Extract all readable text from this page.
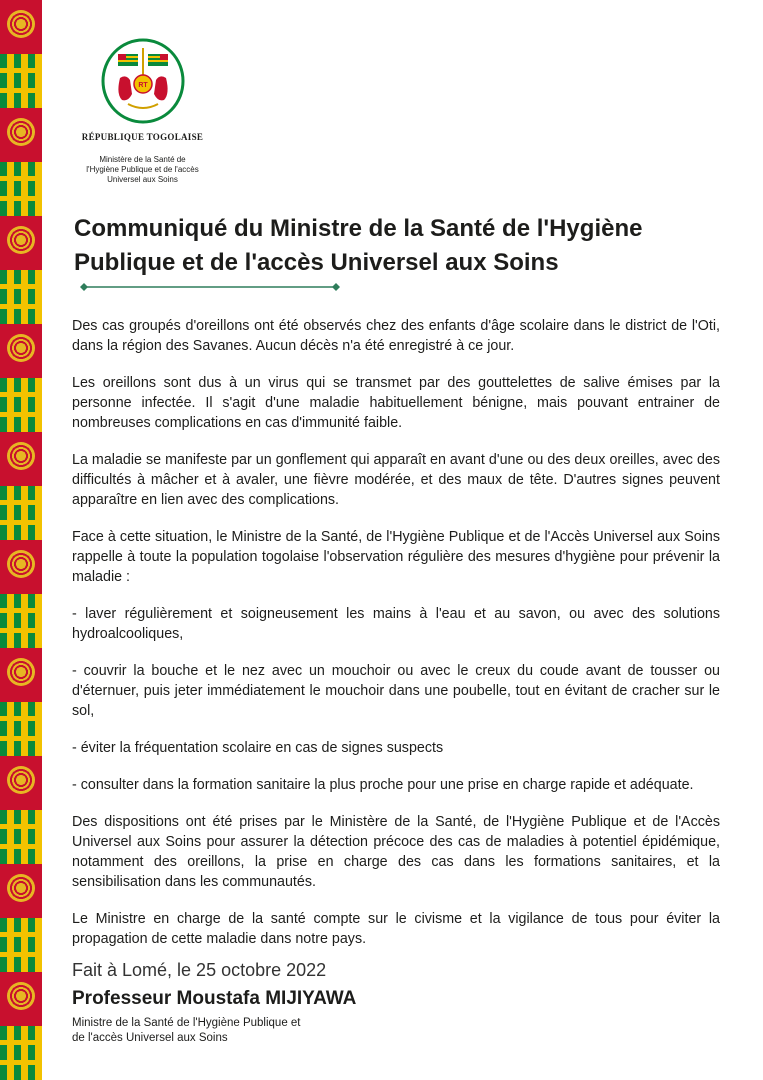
RT
RÉPUBLIQUE TOGOLAISE
Ministère de la Santé de
l'Hygiène Publique et de l'accès
Universel aux Soins
Communiqué du Ministre de la Santé de l'Hygiène
Publique et de l'accès Universel aux Soins

Des cas groupés d'oreillons ont été observés chez des enfants d'âge scolaire dans le district de l'Oti, dans la région des Savanes. Aucun décès n'a été enregistré à ce jour.

Les oreillons sont dus à un virus qui se transmet par des gouttelettes de salive émises par la personne infectée. Il s'agit d'une maladie habituellement bénigne, mais pouvant entrainer de nombreuses complications en cas d'immunité faible.

La maladie se manifeste par un gonflement qui apparaît en avant d'une ou des deux oreilles, avec des difficultés à mâcher et à avaler, une fièvre modérée, et des maux de tête. D'autres signes peuvent apparaître en lien avec des complications.

Face à cette situation, le Ministre de la Santé, de l'Hygiène Publique et de l'Accès Universel aux Soins rappelle à toute la population togolaise l'observation régulière des mesures d'hygiène pour prévenir la maladie :

- laver régulièrement et soigneusement les mains à l'eau et au savon, ou avec des solutions hydroalcooliques,

- couvrir la bouche et le nez avec un mouchoir ou avec le creux du coude avant de tousser ou d'éternuer, puis jeter immédiatement le mouchoir dans une poubelle, tout en évitant de cracher sur le sol,

- éviter la fréquentation scolaire en cas de signes suspects

- consulter dans la formation sanitaire la plus proche pour une prise en charge rapide et adéquate.

Des dispositions ont été prises par le Ministère de la Santé, de l'Hygiène Publique et de l'Accès Universel aux Soins pour assurer la détection précoce des cas de maladies à potentiel épidémique, notamment des oreillons, la prise en charge des cas dans les formations sanitaires, et la sensibilisation dans les communautés.

Le Ministre en charge de la santé compte sur le civisme et la vigilance de tous pour éviter la propagation de cette maladie dans notre pays.

Fait à Lomé, le 25 octobre 2022
Professeur Moustafa MIJIYAWA
Ministre de la Santé de l'Hygiène Publique et
de l'accès Universel aux Soins
